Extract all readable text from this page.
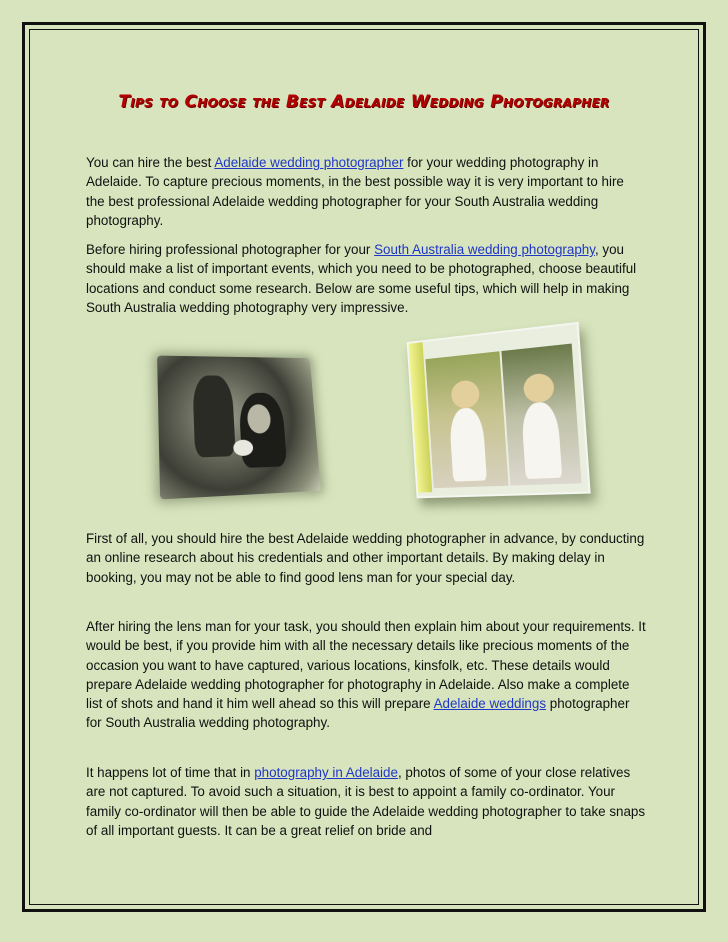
Tips to Choose the Best Adelaide Wedding Photographer

You can hire the best Adelaide wedding photographer for your wedding photography in Adelaide. To capture precious moments, in the best possible way it is very important to hire the best professional Adelaide wedding photographer for your South Australia wedding photography.

Before hiring professional photographer for your South Australia wedding photography, you should make a list of important events, which you need to be photographed, choose beautiful locations and conduct some research. Below are some useful tips, which will help in making South Australia wedding photography very impressive.

First of all, you should hire the best Adelaide wedding photographer in advance, by conducting an online research about his credentials and other important details. By making delay in booking, you may not be able to find good lens man for your special day.

After hiring the lens man for your task, you should then explain him about your requirements. It would be best, if you provide him with all the necessary details like precious moments of the occasion you want to have captured, various locations, kinsfolk, etc. These details would prepare Adelaide wedding photographer for photography in Adelaide. Also make a complete list of shots and hand it him well ahead so this will prepare Adelaide weddings photographer for South Australia wedding photography.

It happens lot of time that in photography in Adelaide, photos of some of your close relatives are not captured. To avoid such a situation, it is best to appoint a family co-ordinator. Your family co-ordinator will then be able to guide the Adelaide wedding photographer to take snaps of all important guests. It can be a great relief on bride and
